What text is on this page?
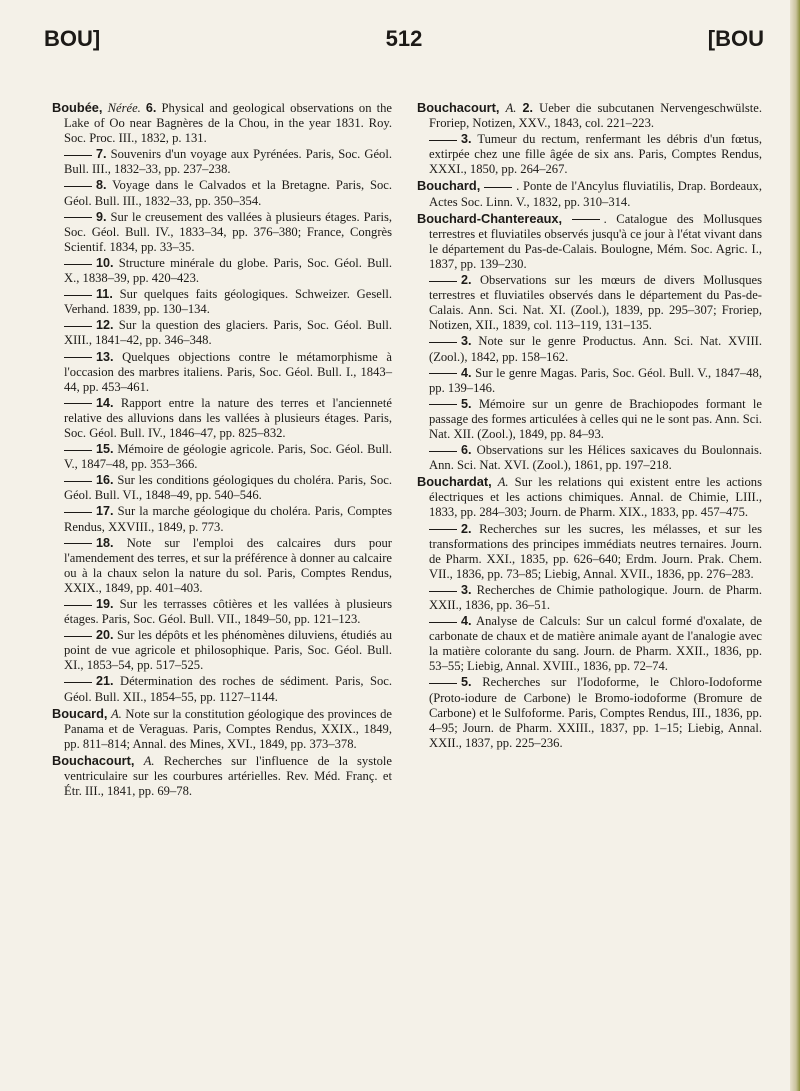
BOU]	512	[BOU

Boubée, Nérée. 6. Physical and geological observations on the Lake of Oo near Bagnères de la Chou, in the year 1831. Roy. Soc. Proc. III., 1832, p. 131.

7. Souvenirs d'un voyage aux Pyrénées. Paris, Soc. Géol. Bull. III., 1832–33, pp. 237–238.

8. Voyage dans le Calvados et la Bretagne. Paris, Soc. Géol. Bull. III., 1832–33, pp. 350–354.

9. Sur le creusement des vallées à plusieurs étages. Paris, Soc. Géol. Bull. IV., 1833–34, pp. 376–380; France, Congrès Scientif. 1834, pp. 33–35.

10. Structure minérale du globe. Paris, Soc. Géol. Bull. X., 1838–39, pp. 420–423.

11. Sur quelques faits géologiques. Schweizer. Gesell. Verhand. 1839, pp. 130–134.

12. Sur la question des glaciers. Paris, Soc. Géol. Bull. XIII., 1841–42, pp. 346–348.

13. Quelques objections contre le métamorphisme à l'occasion des marbres italiens. Paris, Soc. Géol. Bull. I., 1843–44, pp. 453–461.

14. Rapport entre la nature des terres et l'ancienneté relative des alluvions dans les vallées à plusieurs étages. Paris, Soc. Géol. Bull. IV., 1846–47, pp. 825–832.

15. Mémoire de géologie agricole. Paris, Soc. Géol. Bull. V., 1847–48, pp. 353–366.

16. Sur les conditions géologiques du choléra. Paris, Soc. Géol. Bull. VI., 1848–49, pp. 540–546.

17. Sur la marche géologique du choléra. Paris, Comptes Rendus, XXVIII., 1849, p. 773.

18. Note sur l'emploi des calcaires durs pour l'amendement des terres, et sur la préférence à donner au calcaire ou à la chaux selon la nature du sol. Paris, Comptes Rendus, XXIX., 1849, pp. 401–403.

19. Sur les terrasses côtières et les vallées à plusieurs étages. Paris, Soc. Géol. Bull. VII., 1849–50, pp. 121–123.

20. Sur les dépôts et les phénomènes diluviens, étudiés au point de vue agricole et philosophique. Paris, Soc. Géol. Bull. XI., 1853–54, pp. 517–525.

21. Détermination des roches de sédiment. Paris, Soc. Géol. Bull. XII., 1854–55, pp. 1127–1144.

Boucard, A. Note sur la constitution géologique des provinces de Panama et de Veraguas. Paris, Comptes Rendus, XXIX., 1849, pp. 811–814; Annal. des Mines, XVI., 1849, pp. 373–378.

Bouchacourt, A. Recherches sur l'influence de la systole ventriculaire sur les courbures artérielles. Rev. Méd. Franç. et Étr. III., 1841, pp. 69–78.

Bouchacourt, A. 2. Ueber die subcutanen Nervengeschwülste. Froriep, Notizen, XXV., 1843, col. 221–223.

3. Tumeur du rectum, renfermant les débris d'un fœtus, extirpée chez une fille âgée de six ans. Paris, Comptes Rendus, XXXI., 1850, pp. 264–267.

Bouchard,	. Ponte de l'Ancylus fluviatilis, Drap. Bordeaux, Actes Soc. Linn. V., 1832, pp. 310–314.

Bouchard-Chantereaux,	. Catalogue des Mollusques terrestres et fluviatiles observés jusqu'à ce jour à l'état vivant dans le département du Pas-de-Calais. Boulogne, Mém. Soc. Agric. I., 1837, pp. 139–230.

2. Observations sur les mœurs de divers Mollusques terrestres et fluviatiles observés dans le département du Pas-de-Calais. Ann. Sci. Nat. XI. (Zool.), 1839, pp. 295–307; Froriep, Notizen, XII., 1839, col. 113–119, 131–135.

3. Note sur le genre Productus. Ann. Sci. Nat. XVIII. (Zool.), 1842, pp. 158–162.

4. Sur le genre Magas. Paris, Soc. Géol. Bull. V., 1847–48, pp. 139–146.

5. Mémoire sur un genre de Brachiopodes formant le passage des formes articulées à celles qui ne le sont pas. Ann. Sci. Nat. XII. (Zool.), 1849, pp. 84–93.

6. Observations sur les Hélices saxicaves du Boulonnais. Ann. Sci. Nat. XVI. (Zool.), 1861, pp. 197–218.

Bouchardat, A. Sur les relations qui existent entre les actions électriques et les actions chimiques. Annal. de Chimie, LIII., 1833, pp. 284–303; Journ. de Pharm. XIX., 1833, pp. 457–475.

2. Recherches sur les sucres, les mélasses, et sur les transformations des principes immédiats neutres ternaires. Journ. de Pharm. XXI., 1835, pp. 626–640; Erdm. Journ. Prak. Chem. VII., 1836, pp. 73–85; Liebig, Annal. XVII., 1836, pp. 276–283.

3. Recherches de Chimie pathologique. Journ. de Pharm. XXII., 1836, pp. 36–51.

4. Analyse de Calculs: Sur un calcul formé d'oxalate, de carbonate de chaux et de matière animale ayant de l'analogie avec la matière colorante du sang. Journ. de Pharm. XXII., 1836, pp. 53–55; Liebig, Annal. XVIII., 1836, pp. 72–74.

5. Recherches sur l'Iodoforme, le Chloro-Iodoforme (Proto-iodure de Carbone) le Bromo-iodoforme (Bromure de Carbone) et le Sulfoforme. Paris, Comptes Rendus, III., 1836, pp. 4–95; Journ. de Pharm. XXIII., 1837, pp. 1–15; Liebig, Annal. XXII., 1837, pp. 225–236.
